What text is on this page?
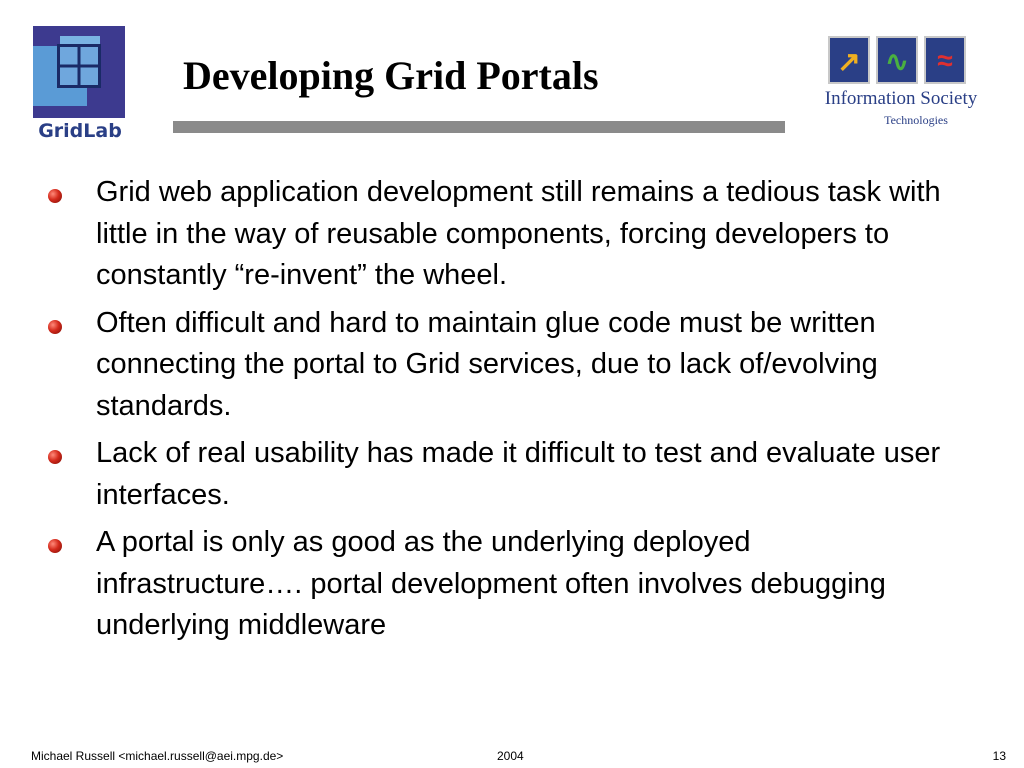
GridLab
Developing Grid Portals	↗ ∿	≈
Information Society
Technologies
Grid web application development still remains a tedious task with little in the way of reusable components, forcing developers to constantly “re-invent” the wheel.
Often difficult and hard to maintain glue code must be written connecting the portal to Grid services, due to lack of/evolving standards.
Lack of real usability has made it difficult to test and evaluate user interfaces.
A portal is only as good as the underlying deployed infrastructure…. portal development often involves debugging underlying middleware
Michael Russell <michael.russell@aei.mpg.de>	2004	13
